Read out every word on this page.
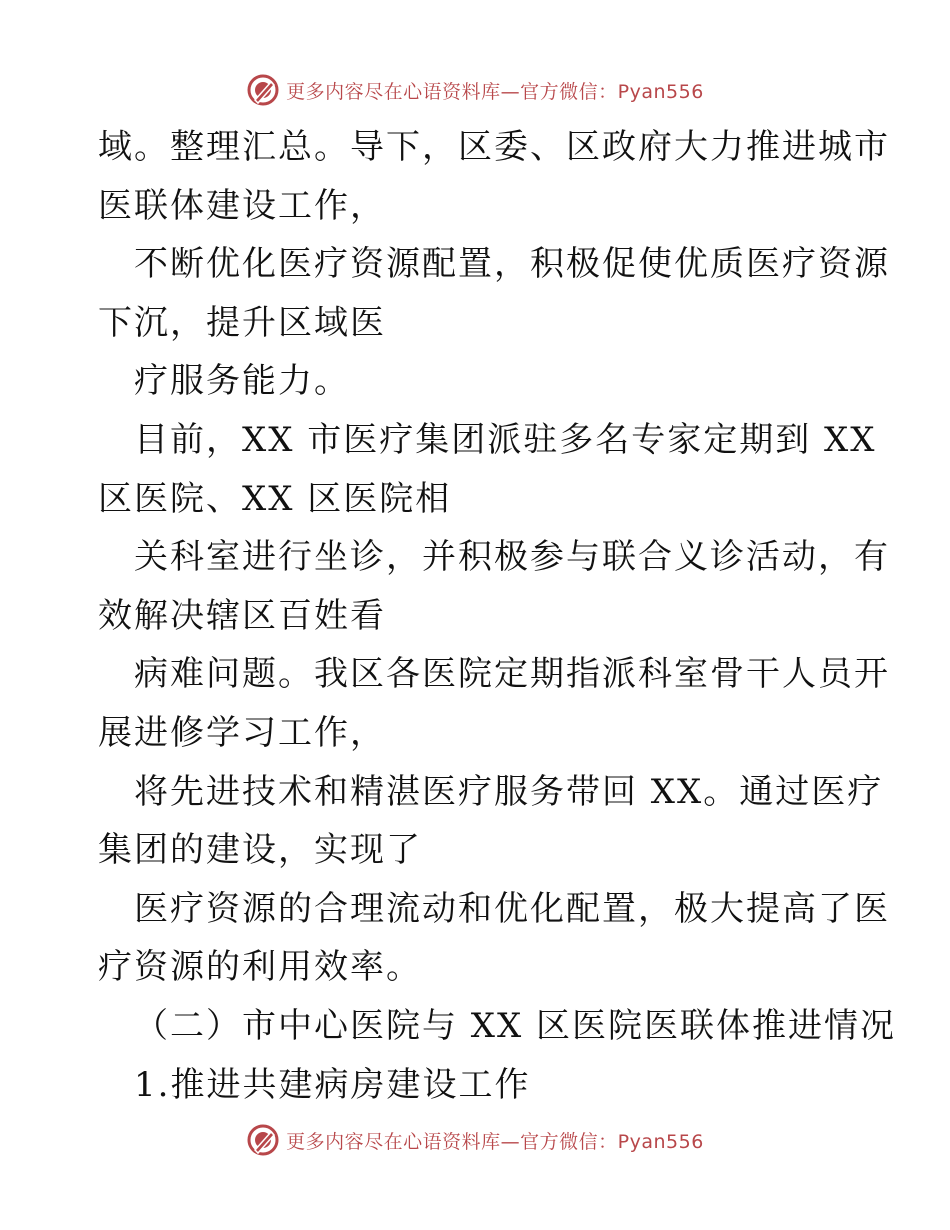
更多内容尽在心语资料库—官方微信：Pyan556
域。整理汇总。导下，区委、区政府大力推进城市
医联体建设工作，
不断优化医疗资源配置，积极促使优质医疗资源
下沉，提升区域医
疗服务能力。
目前，XX 市医疗集团派驻多名专家定期到 XX
区医院、XX 区医院相
关科室进行坐诊，并积极参与联合义诊活动，有
效解决辖区百姓看
病难问题。我区各医院定期指派科室骨干人员开
展进修学习工作，
将先进技术和精湛医疗服务带回 XX。通过医疗
集团的建设，实现了
医疗资源的合理流动和优化配置，极大提高了医
疗资源的利用效率。
（二）市中心医院与 XX 区医院医联体推进情况
1.推进共建病房建设工作
更多内容尽在心语资料库—官方微信：Pyan556
